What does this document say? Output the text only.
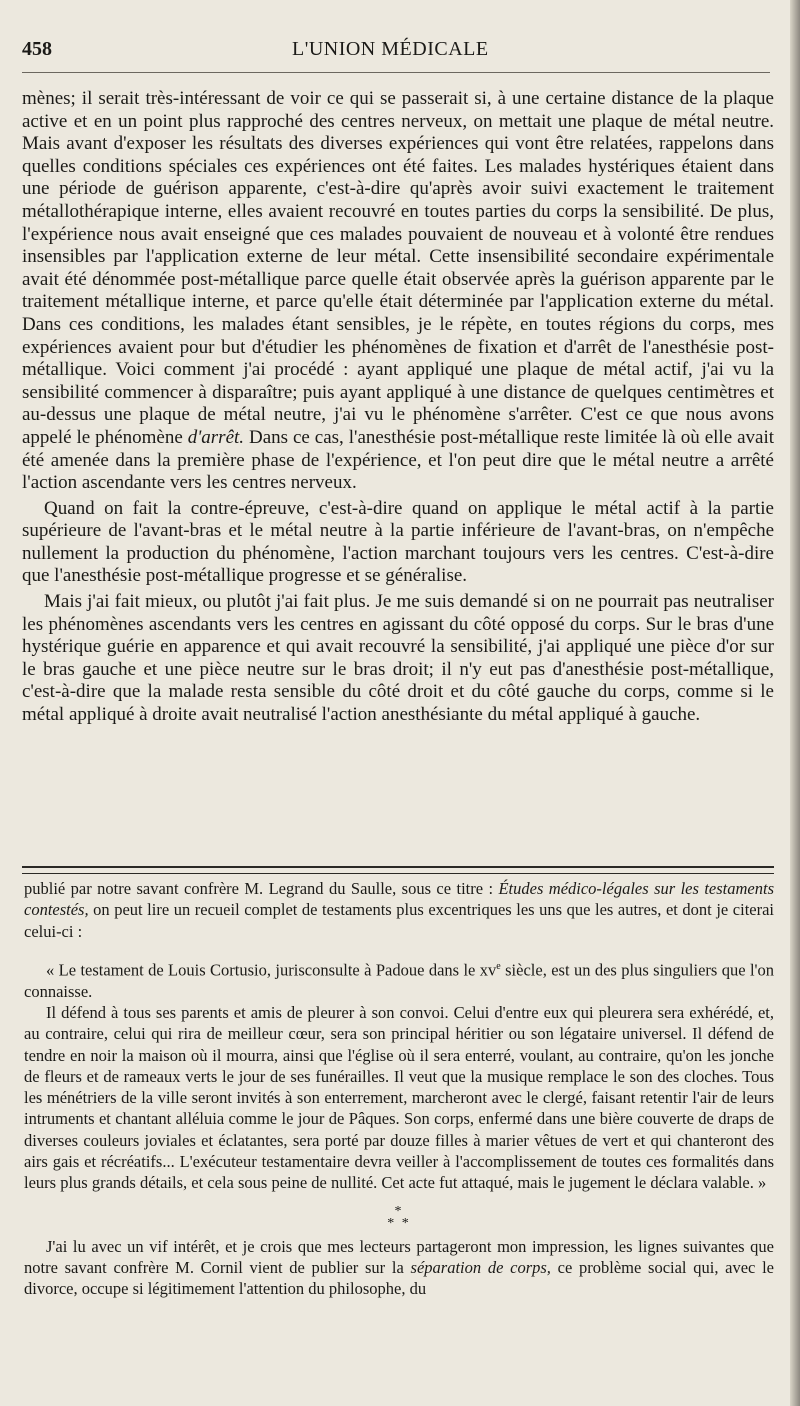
458	L'UNION MÉDICALE

mènes; il serait très-intéressant de voir ce qui se passerait si, à une certaine distance de la plaque active et en un point plus rapproché des centres nerveux, on mettait une plaque de métal neutre. Mais avant d'exposer les résultats des diverses expériences qui vont être relatées, rappelons dans quelles conditions spéciales ces expériences ont été faites. Les malades hystériques étaient dans une période de guérison apparente, c'est-à-dire qu'après avoir suivi exactement le traitement métallothérapique interne, elles avaient recouvré en toutes parties du corps la sensibilité. De plus, l'expérience nous avait enseigné que ces malades pouvaient de nouveau et à volonté être rendues insensibles par l'application externe de leur métal. Cette insensibilité secondaire expérimentale avait été dénommée post-métallique parce quelle était observée après la guérison apparente par le traitement métallique interne, et parce qu'elle était déterminée par l'application externe du métal. Dans ces conditions, les malades étant sensibles, je le répète, en toutes régions du corps, mes expériences avaient pour but d'étudier les phénomènes de fixation et d'arrêt de l'anesthésie post-métallique. Voici comment j'ai procédé : ayant appliqué une plaque de métal actif, j'ai vu la sensibilité commencer à disparaître; puis ayant appliqué à une distance de quelques centimètres et au-dessus une plaque de métal neutre, j'ai vu le phénomène s'arrêter. C'est ce que nous avons appelé le phénomène d'arrêt. Dans ce cas, l'anesthésie post-métallique reste limitée là où elle avait été amenée dans la première phase de l'expérience, et l'on peut dire que le métal neutre a arrêté l'action ascendante vers les centres nerveux.

Quand on fait la contre-épreuve, c'est-à-dire quand on applique le métal actif à la partie supérieure de l'avant-bras et le métal neutre à la partie inférieure de l'avant-bras, on n'empêche nullement la production du phénomène, l'action marchant toujours vers les centres. C'est-à-dire que l'anesthésie post-métallique progresse et se généralise.

Mais j'ai fait mieux, ou plutôt j'ai fait plus. Je me suis demandé si on ne pourrait pas neutraliser les phénomènes ascendants vers les centres en agissant du côté opposé du corps. Sur le bras d'une hystérique guérie en apparence et qui avait recouvré la sensibilité, j'ai appliqué une pièce d'or sur le bras gauche et une pièce neutre sur le bras droit; il n'y eut pas d'anesthésie post-métallique, c'est-à-dire que la malade resta sensible du côté droit et du côté gauche du corps, comme si le métal appliqué à droite avait neutralisé l'action anesthésiante du métal appliqué à gauche.

publié par notre savant confrère M. Legrand du Saulle, sous ce titre : Études médico-légales sur les testaments contestés, on peut lire un recueil complet de testaments plus excentriques les uns que les autres, et dont je citerai celui-ci :

« Le testament de Louis Cortusio, jurisconsulte à Padoue dans le $xv^e$ siècle, est un des plus singuliers que l'on connaisse.

Il défend à tous ses parents et amis de pleurer à son convoi. Celui d'entre eux qui pleurera sera exhérédé, et, au contraire, celui qui rira de meilleur cœur, sera son principal héritier ou son légataire universel. Il défend de tendre en noir la maison où il mourra, ainsi que l'église où il sera enterré, voulant, au contraire, qu'on les jonche de fleurs et de rameaux verts le jour de ses funérailles. Il veut que la musique remplace le son des cloches. Tous les ménétriers de la ville seront invités à son enterrement, marcheront avec le clergé, faisant retentir l'air de leurs intruments et chantant alléluia comme le jour de Pâques. Son corps, enfermé dans une bière couverte de draps de diverses couleurs joviales et éclatantes, sera porté par douze filles à marier vêtues de vert et qui chanteront des airs gais et récréatifs... L'exécuteur testamentaire devra veiller à l'accomplissement de toutes ces formalités dans leurs plus grands détails, et cela sous peine de nullité. Cet acte fut attaqué, mais le jugement le déclara valable. »

*
* *

J'ai lu avec un vif intérêt, et je crois que mes lecteurs partageront mon impression, les lignes suivantes que notre savant confrère M. Cornil vient de publier sur la séparation de corps, ce problème social qui, avec le divorce, occupe si légitimement l'attention du philosophe, du
